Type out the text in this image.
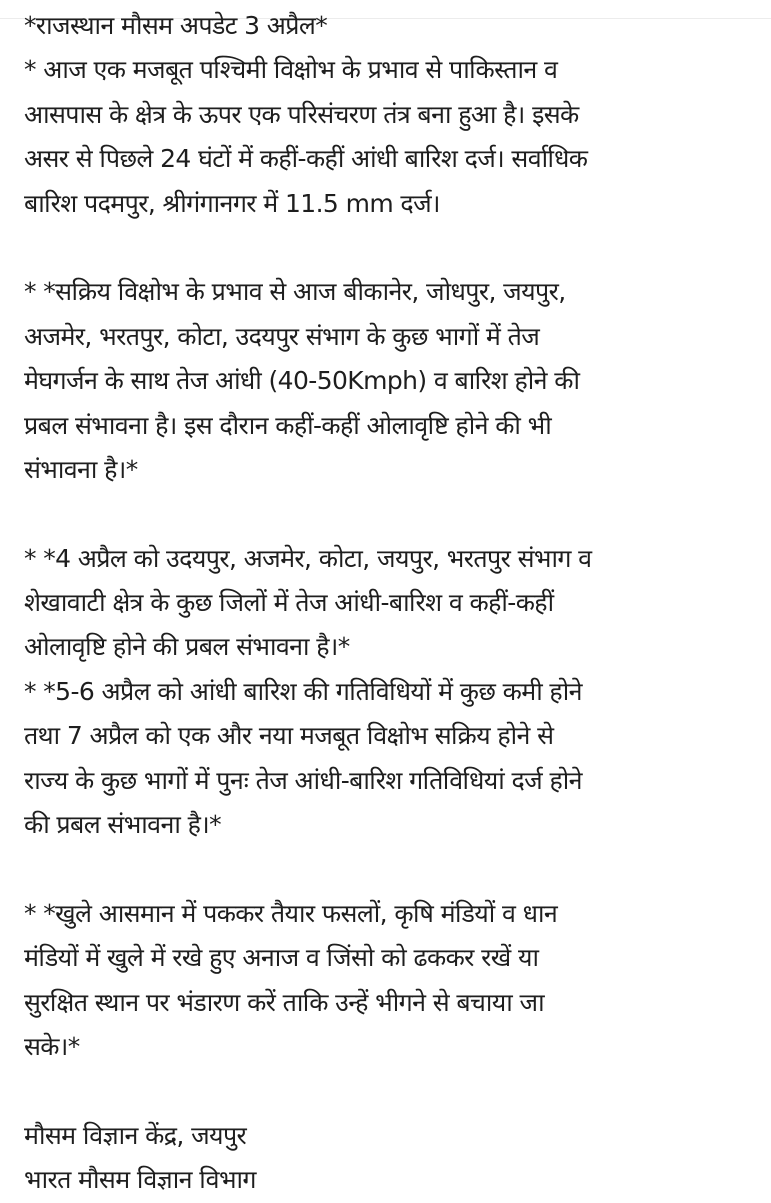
*राजस्थान मौसम अपडेट 3 अप्रैल*
* आज एक मजबूत पश्चिमी विक्षोभ के प्रभाव से पाकिस्तान व
आसपास के क्षेत्र के ऊपर एक परिसंचरण तंत्र बना हुआ है। इसके
असर से पिछले 24 घंटों में कहीं-कहीं आंधी बारिश दर्ज। सर्वाधिक
बारिश पदमपुर, श्रीगंगानगर में 11.5 mm दर्ज।
* *सक्रिय विक्षोभ के प्रभाव से आज बीकानेर, जोधपुर, जयपुर,
अजमेर, भरतपुर, कोटा, उदयपुर संभाग के कुछ भागों में तेज
मेघगर्जन के साथ तेज आंधी (40-50Kmph) व बारिश होने की
प्रबल संभावना है। इस दौरान कहीं-कहीं ओलावृष्टि होने की भी
संभावना है।*
* *4 अप्रैल को उदयपुर, अजमेर, कोटा, जयपुर, भरतपुर संभाग व
शेखावाटी क्षेत्र के कुछ जिलों में तेज आंधी-बारिश व कहीं-कहीं
ओलावृष्टि होने की प्रबल संभावना है।*
* *5-6 अप्रैल को आंधी बारिश की गतिविधियों में कुछ कमी होने
तथा 7 अप्रैल को एक और नया मजबूत विक्षोभ सक्रिय होने से
राज्य के कुछ भागों में पुनः तेज आंधी-बारिश गतिविधियां दर्ज होने
की प्रबल संभावना है।*
* *खुले आसमान में पककर तैयार फसलों, कृषि मंडियों व धान
मंडियों में खुले में रखे हुए अनाज व जिंसो को ढककर रखें या
सुरक्षित स्थान पर भंडारण करें ताकि उन्हें भीगने से बचाया जा
सके।*
मौसम विज्ञान केंद्र, जयपुर
भारत मौसम विज्ञान विभाग
